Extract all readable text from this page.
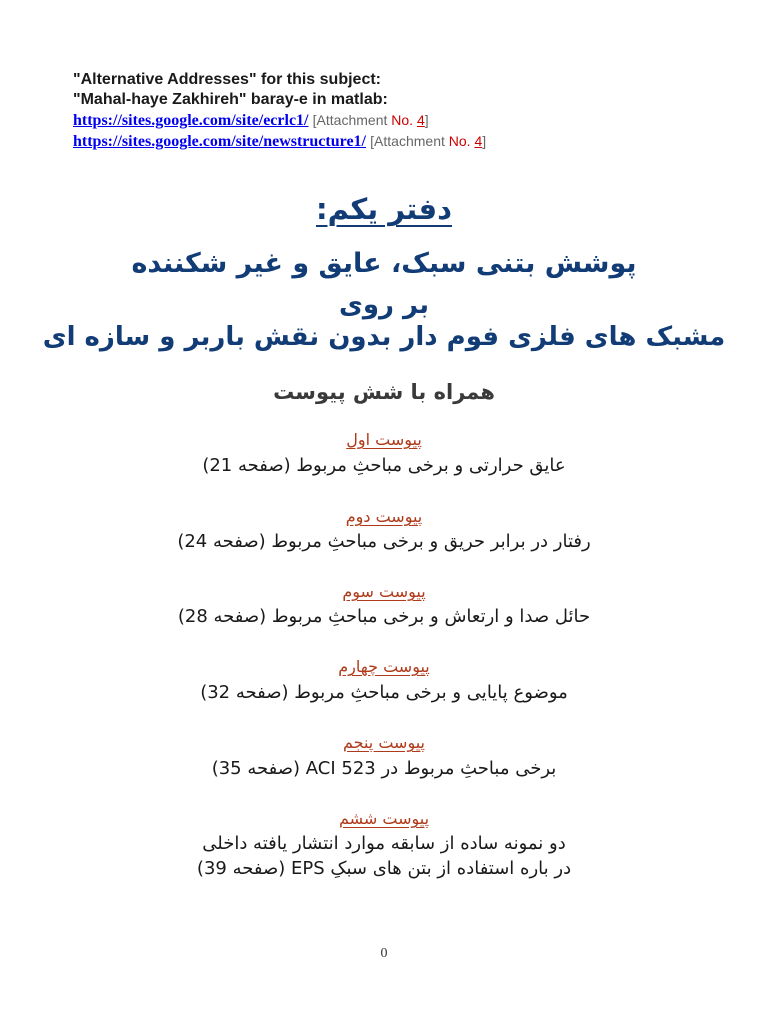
"Alternative Addresses" for this subject:
"Mahal-haye Zakhireh" baray-e in matlab:
https://sites.google.com/site/ecrlc1/ [Attachment No. 4]
https://sites.google.com/site/newstructure1/ [Attachment No. 4]
دفتر یکم:
پوشش بتنی سبک، عایق و غیر شکننده
بر روی
مشبک های فلزی فوم دار بدون نقش باربر و سازه ای
همراه با شش پیوست
پیوست اول
عایق حرارتی و برخی مباحثِ مربوط (صفحه 21)
پیوست دوم
رفتار در برابر حریق و برخی مباحثِ مربوط (صفحه 24)
پیوست سوم
حائل صدا و ارتعاش و برخی مباحثِ مربوط (صفحه 28)
پیوست چهارم
موضوع پایایی و برخی مباحثِ مربوط (صفحه 32)
پیوست پنجم
برخی مباحثِ مربوط در ACI 523 (صفحه 35)
پیوست ششم
دو نمونه ساده از سابقه موارد انتشار یافته داخلی
در باره استفاده از بتن های سبکِ EPS (صفحه 39)
0
